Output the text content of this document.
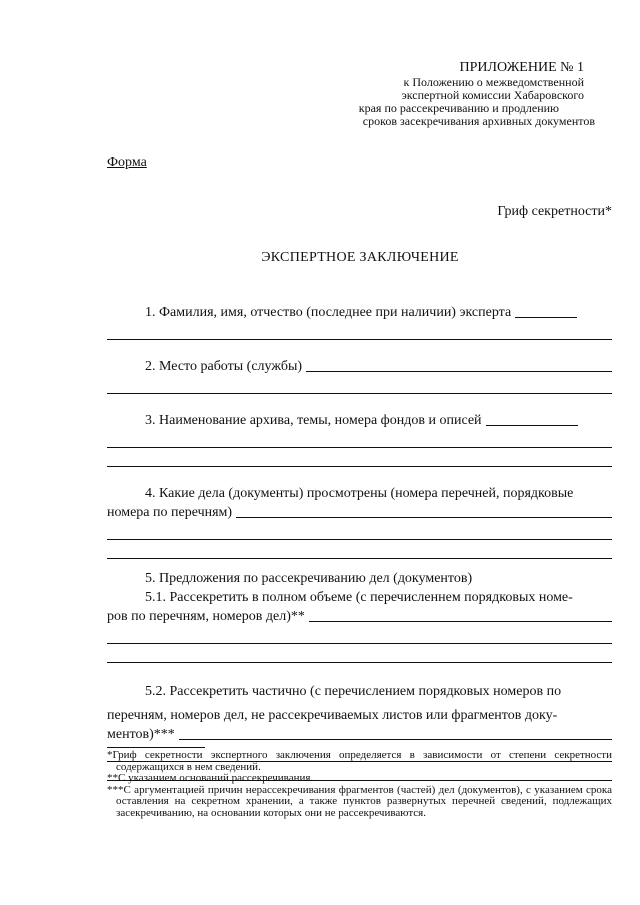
ПРИЛОЖЕНИЕ № 1
к Положению о межведомственной
экспертной комиссии Хабаровского
края по рассекречиванию и продлению
сроков засекречивания архивных документов
Форма
Гриф секретности*
ЭКСПЕРТНОЕ ЗАКЛЮЧЕНИЕ
1. Фамилия, имя, отчество (последнее при наличии) эксперта
2. Место работы (службы)
3. Наименование архива, темы, номера фондов и описей
4. Какие дела (документы) просмотрены (номера перечней, порядковые
номера по перечням)
5. Предложения по рассекречиванию дел (документов)
5.1. Рассекретить в полном объеме (с перечисленнем порядковых номе-
ров по перечням, номеров дел)**
5.2. Рассекретить частично (с перечислением порядковых номеров по
перечням, номеров дел, не рассекречиваемых листов или фрагментов доку-
ментов)***
*Гриф секретности экспертного заключения определяется в зависимости от степени секретности содержащихся в нем сведений.
**С указанием оснований рассекречивания.
***С аргументацией причин нерассекречивания фрагментов (частей) дел (документов), с указанием срока оставления на секретном хранении, а также пунктов развернутых перечней сведений, подлежащих засекречиванию, на основании которых они не рассекречиваются.
